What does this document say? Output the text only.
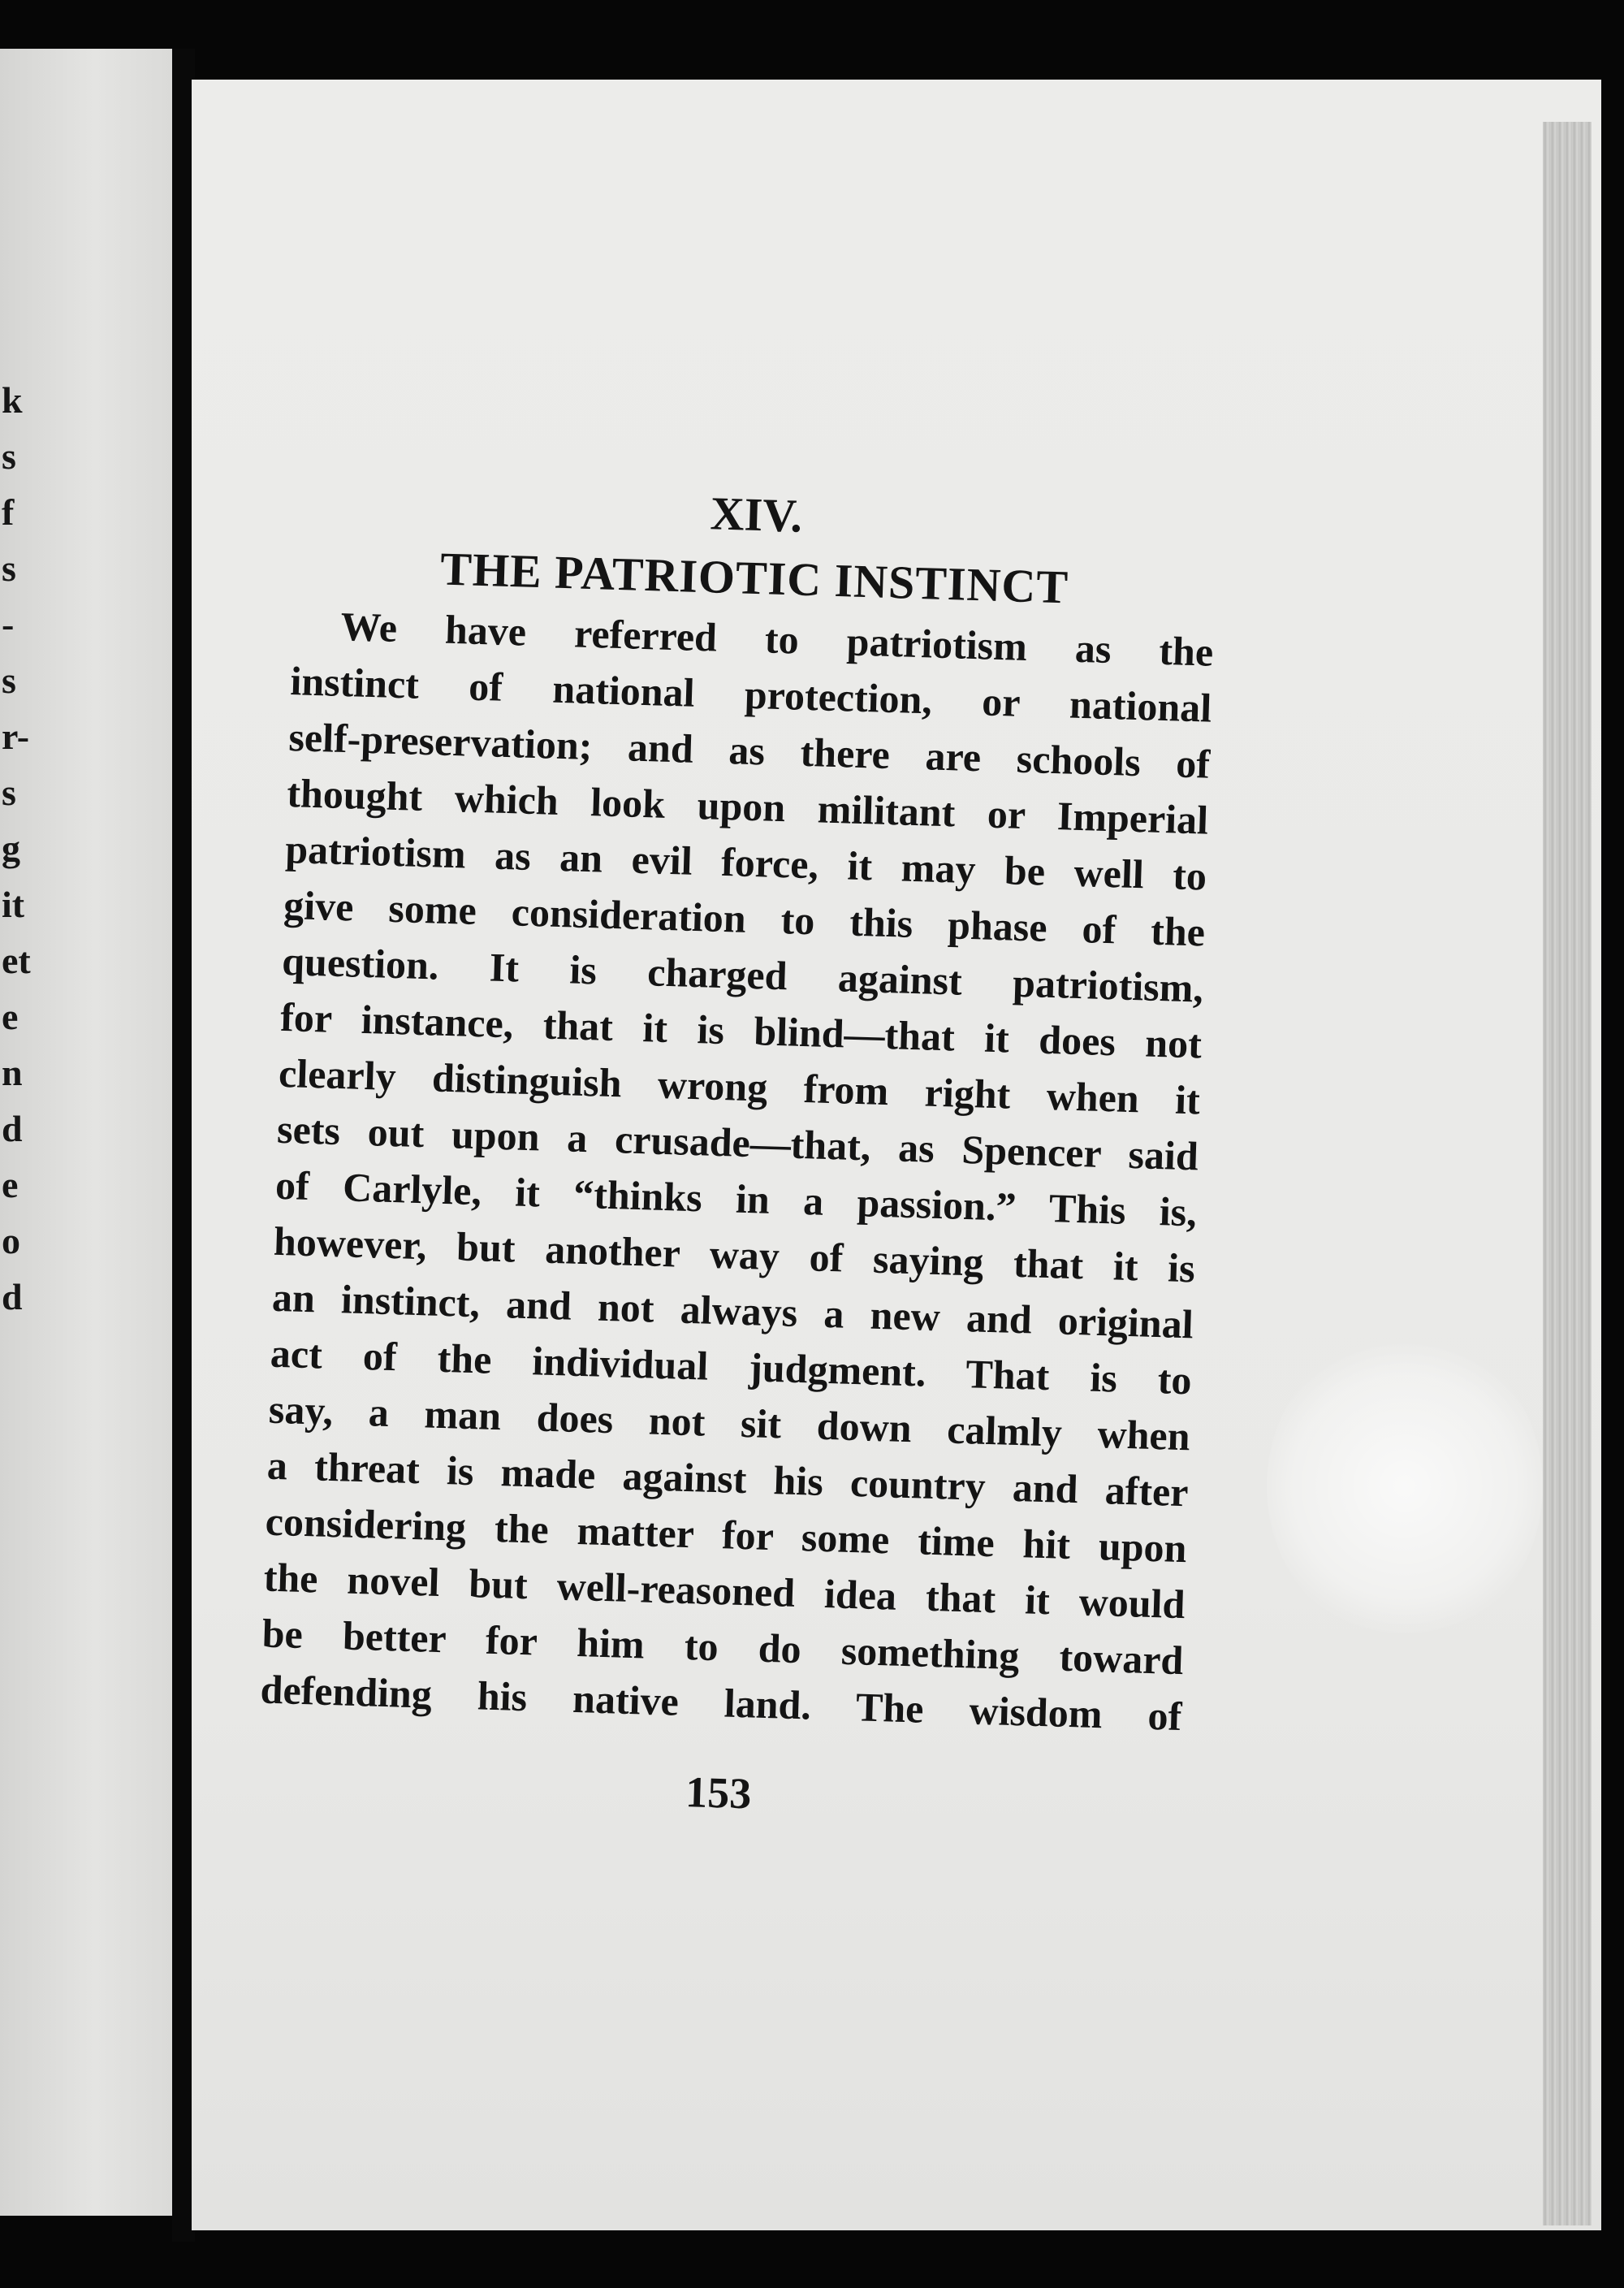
k
s
f
s
-
s
r-
s
g
it
et
e
n
d
e
o
d
XIV.
THE PATRIOTIC INSTINCT
We have referred to patriotism as the
instinct of national protection, or national
self-preservation; and as there are schools of
thought which look upon militant or Imperial
patriotism as an evil force, it may be well to
give some consideration to this phase of the
question. It is charged against patriotism,
for instance, that it is blind—that it does not
clearly distinguish wrong from right when it
sets out upon a crusade—that, as Spencer said
of Carlyle, it “thinks in a passion.” This is,
however, but another way of saying that it is
an instinct, and not always a new and original
act of the individual judgment. That is to
say, a man does not sit down calmly when
a threat is made against his country and after
considering the matter for some time hit upon
the novel but well-reasoned idea that it would
be better for him to do something toward
defending his native land. The wisdom of
153
